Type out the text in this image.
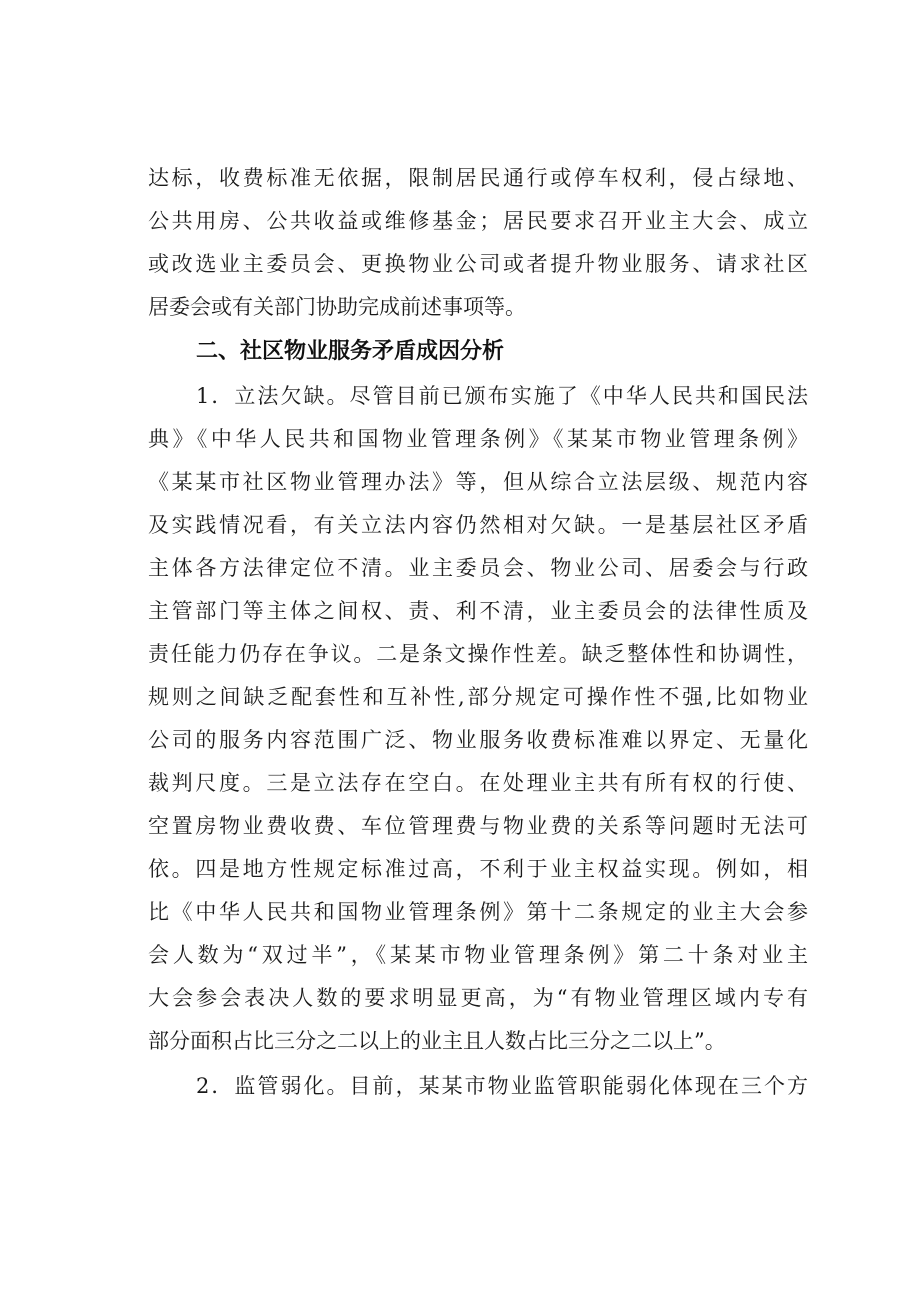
达标，收费标准无依据，限制居民通行或停车权利，侵占绿地、
公共用房、公共收益或维修基金；居民要求召开业主大会、成立
或改选业主委员会、更换物业公司或者提升物业服务、请求社区
居委会或有关部门协助完成前述事项等。
二、社区物业服务矛盾成因分析
1．立法欠缺。尽管目前已颁布实施了《中华人民共和国民法
典》《中华人民共和国物业管理条例》《某某市物业管理条例》
《某某市社区物业管理办法》等，但从综合立法层级、规范内容
及实践情况看，有关立法内容仍然相对欠缺。一是基层社区矛盾
主体各方法律定位不清。业主委员会、物业公司、居委会与行政
主管部门等主体之间权、责、利不清，业主委员会的法律性质及
责任能力仍存在争议。二是条文操作性差。缺乏整体性和协调性，
规则之间缺乏配套性和互补性,部分规定可操作性不强,比如物业
公司的服务内容范围广泛、物业服务收费标准难以界定、无量化
裁判尺度。三是立法存在空白。在处理业主共有所有权的行使、
空置房物业费收费、车位管理费与物业费的关系等问题时无法可
依。四是地方性规定标准过高，不利于业主权益实现。例如，相
比《中华人民共和国物业管理条例》第十二条规定的业主大会参
会人数为“双过半”，《某某市物业管理条例》第二十条对业主
大会参会表决人数的要求明显更高，为“有物业管理区域内专有
部分面积占比三分之二以上的业主且人数占比三分之二以上”。
2．监管弱化。目前，某某市物业监管职能弱化体现在三个方
